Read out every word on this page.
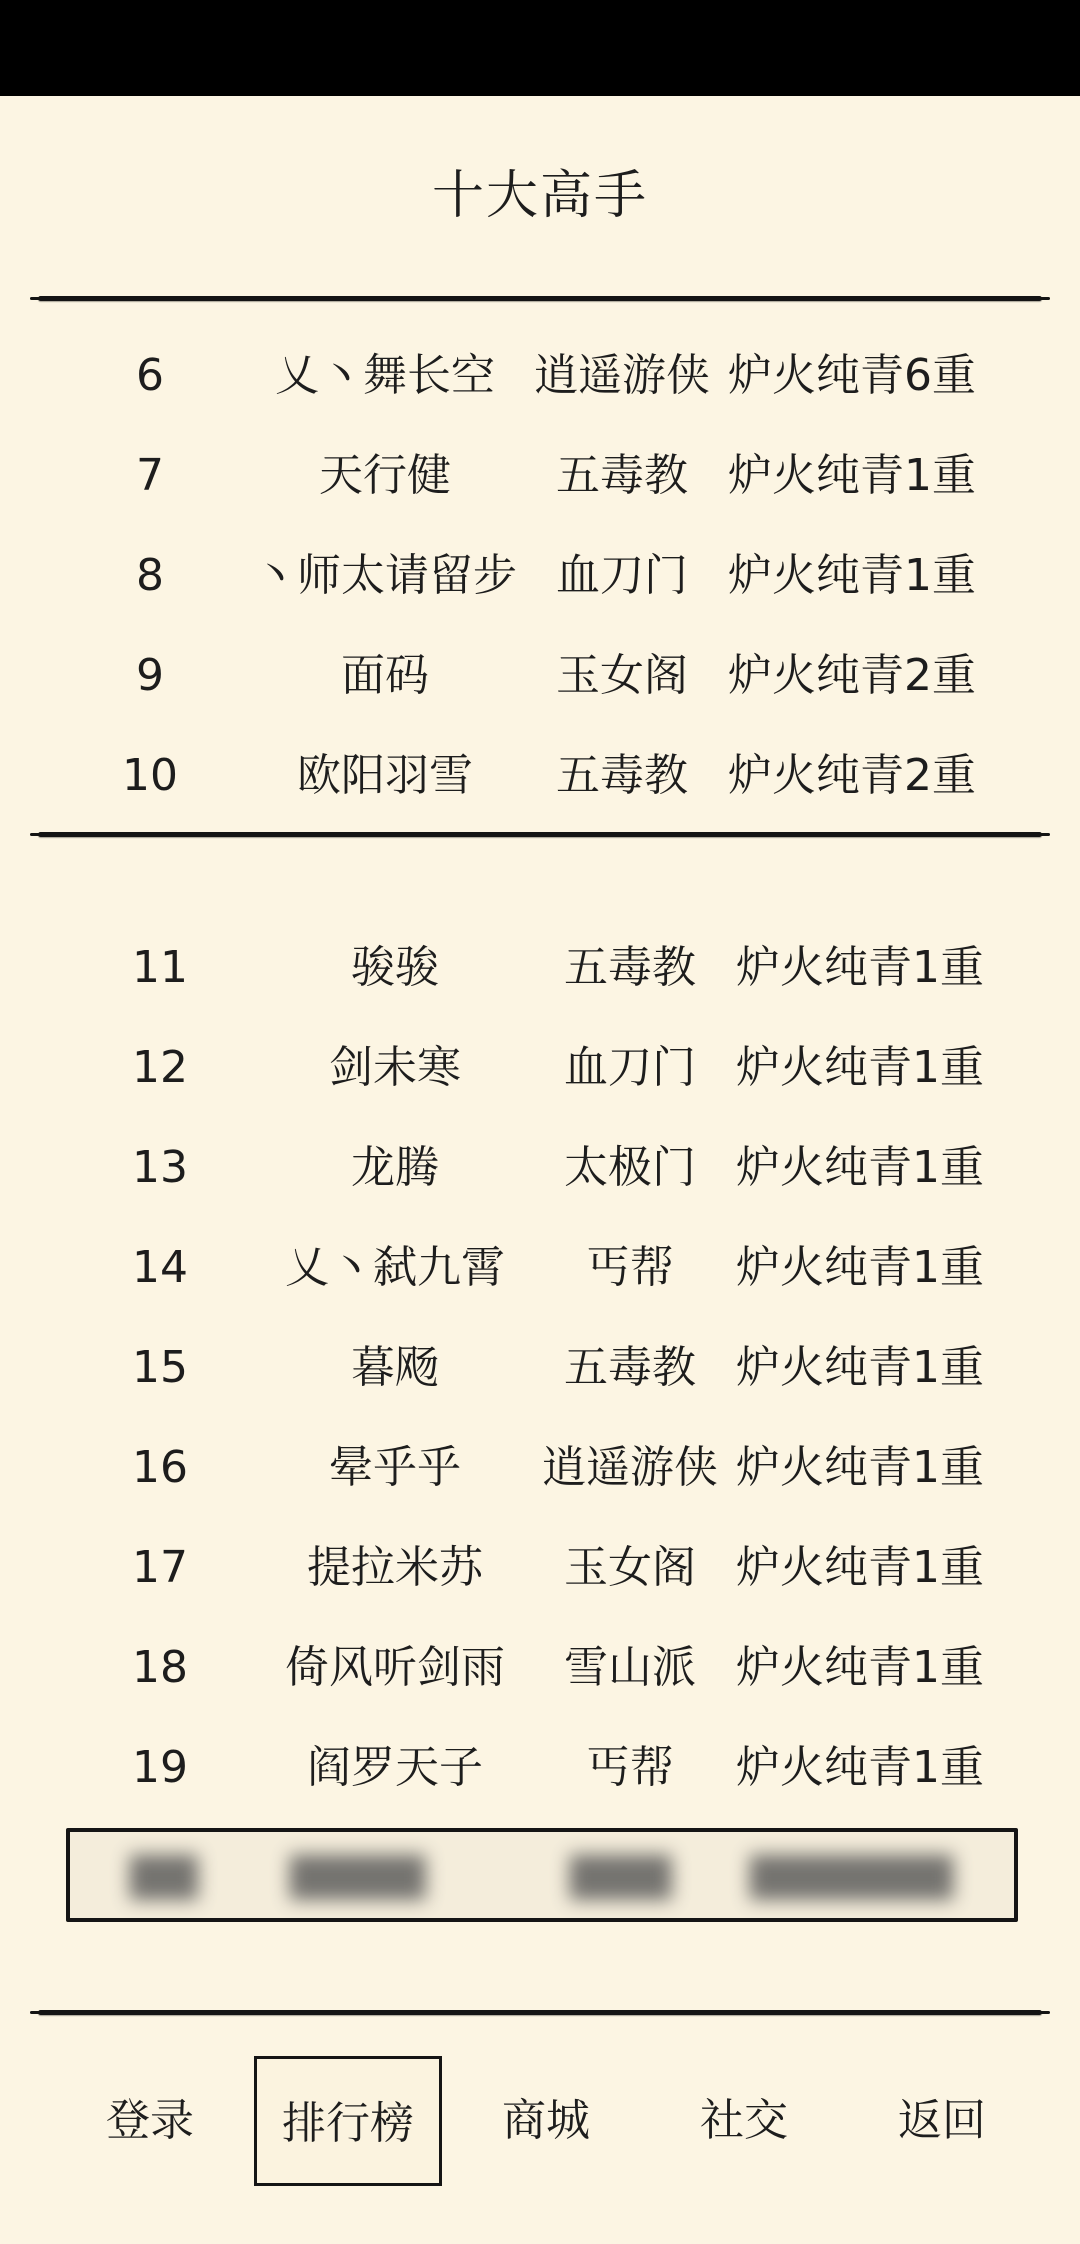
十大高手
6	乂丶舞长空 逍遥游侠 炉火纯青6重
7	天行健	五毒教 炉火纯青1重
8	丶师太请留步 血刀门 炉火纯青1重
9	面码	玉女阁 炉火纯青2重
10	欧阳羽雪	五毒教 炉火纯青2重
11	骏骏	五毒教 炉火纯青1重
12	剑未寒	血刀门 炉火纯青1重
13	龙腾	太极门 炉火纯青1重
14	乂丶弑九霄	丐帮	炉火纯青1重
15	暮飏	五毒教 炉火纯青1重
16	晕乎乎	逍遥游侠 炉火纯青1重
17	提拉米苏	玉女阁 炉火纯青1重
18	倚风听剑雨	雪山派 炉火纯青1重
19	阎罗天子	丐帮	炉火纯青1重
▇▇ ▇▇▇▇	▇▇▇ ▇▇▇▇▇▇
登录	排行榜	商城	社交	返回
